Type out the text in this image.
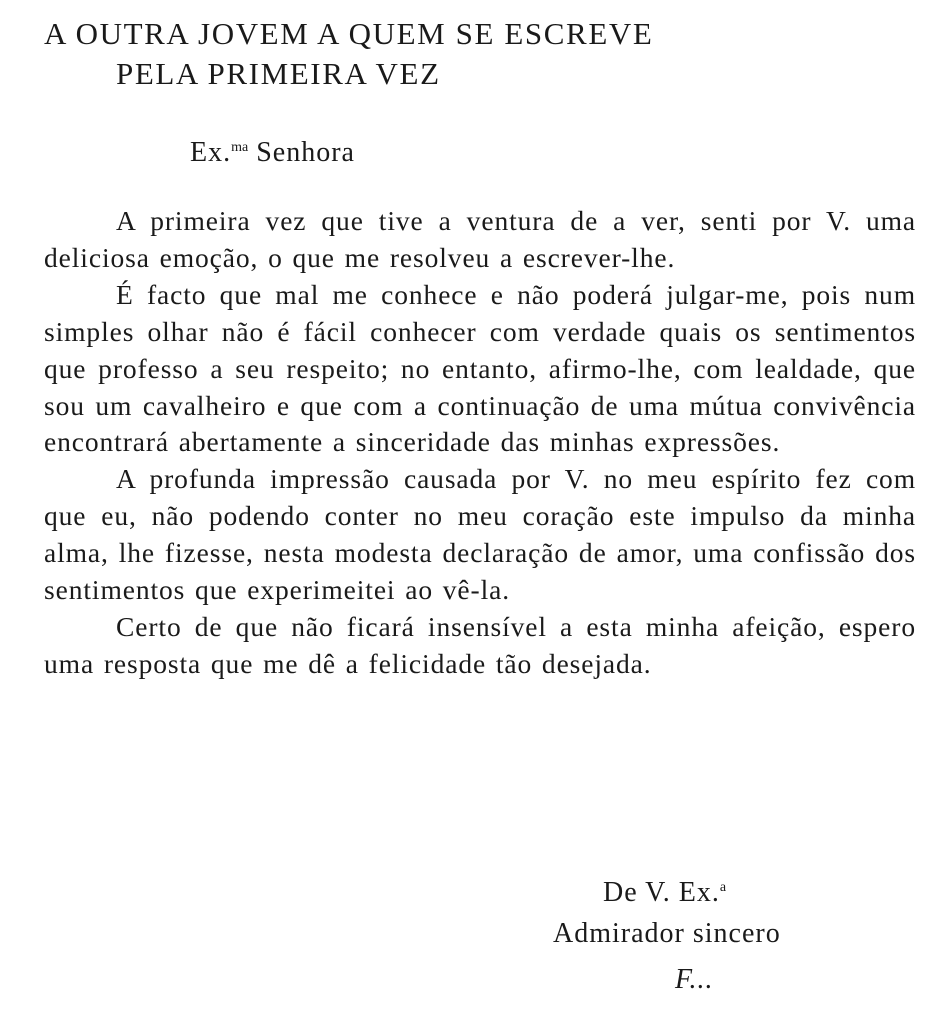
A OUTRA JOVEM A QUEM SE ESCREVE
PELA PRIMEIRA VEZ
Ex.$^{ma}$ Senhora

A primeira vez que tive a ventura de a ver, senti por V. uma deliciosa emoção, o que me resolveu a escrever-lhe.

É facto que mal me conhece e não poderá julgar-me, pois num simples olhar não é fácil conhecer com verdade quais os sentimentos que professo a seu respeito; no entanto, afirmo-lhe, com lealdade, que sou um cavalheiro e que com a continuação de uma mútua convivência encontrará abertamente a sinceridade das minhas expressões.

A profunda impressão causada por V. no meu espírito fez com que eu, não podendo conter no meu coração este impulso da minha alma, lhe fizesse, nesta modesta declaração de amor, uma confissão dos sentimentos que experimeitei ao vê-la.

Certo de que não ficará insensível a esta minha afeição, espero uma resposta que me dê a felicidade tão desejada.

De V. Ex.$^a$
Admirador sincero
F...
